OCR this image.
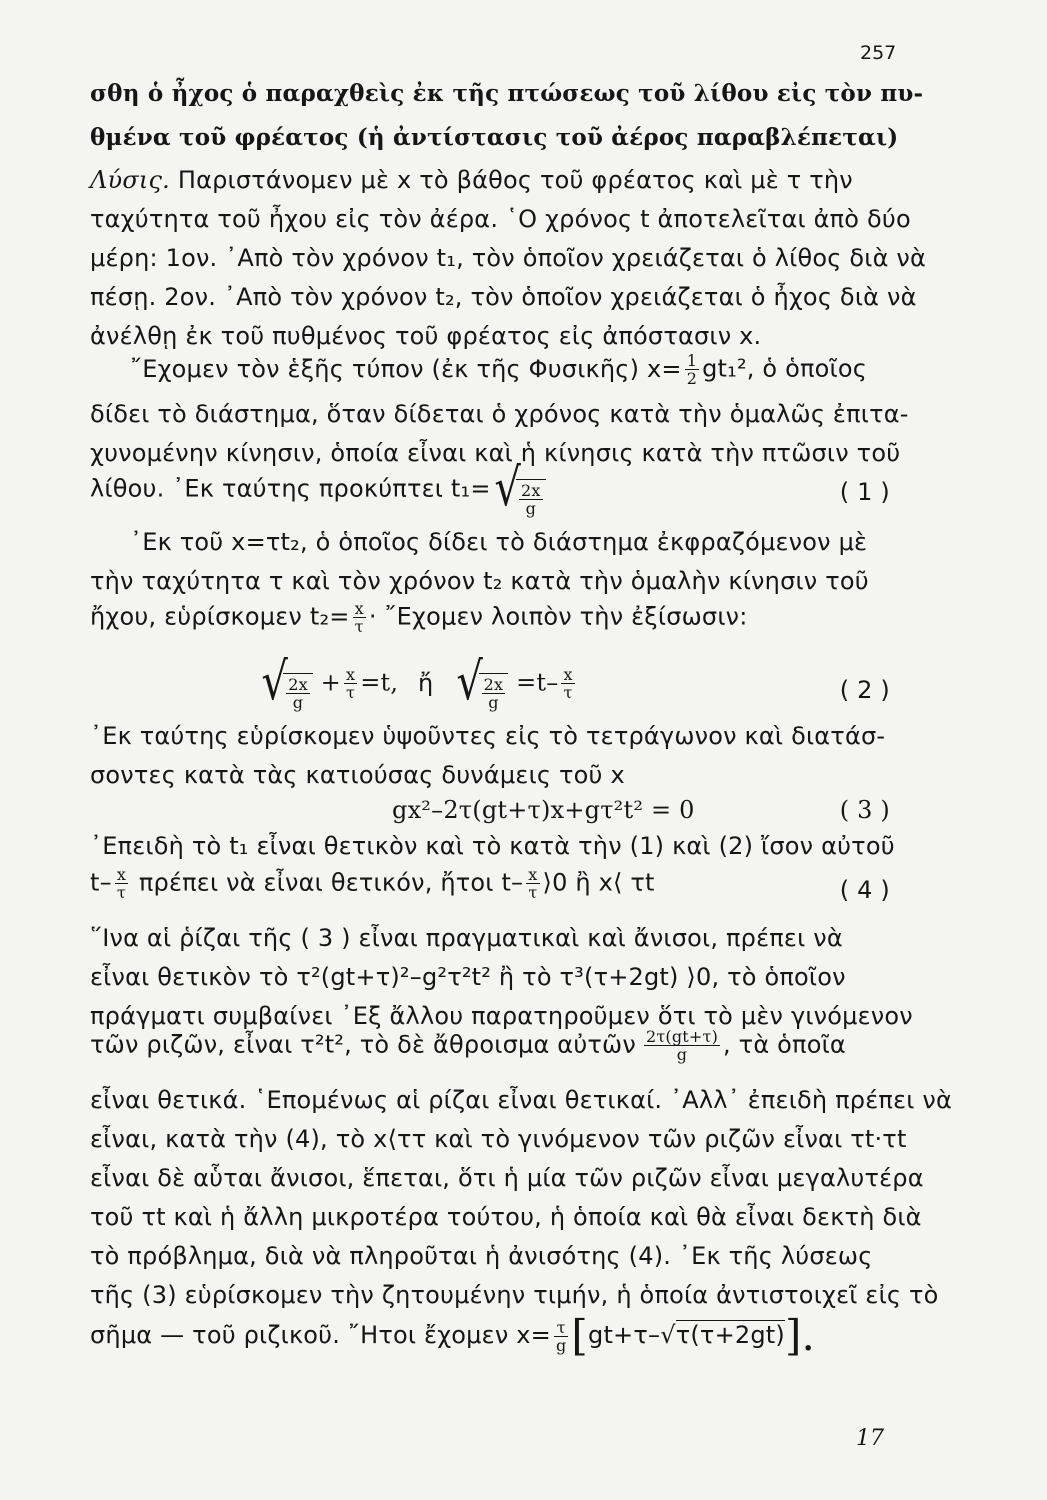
257
σθη ὁ ἦχος ὁ παραχθεὶς ἐκ τῆς πτώσεως τοῦ λίθου εἰς τὸν πυ-
θμένα τοῦ φρέατος (ἡ ἀντίστασις τοῦ ἀέρος παραβλέπεται)
Λύσις. Παριστάνομεν μὲ x τὸ βάθος τοῦ φρέατος καὶ μὲ τ τὴν
ταχύτητα τοῦ ἦχου εἰς τὸν ἀέρα. ῾Ο χρόνος t ἀποτελεῖται ἀπὸ δύο
μέρη: 1ον. ᾿Απὸ τὸν χρόνον t₁, τὸν ὁποῖον χρειάζεται ὁ λίθος διὰ νὰ
πέσῃ. 2ον. ᾿Απὸ τὸν χρόνον t₂, τὸν ὁποῖον χρειάζεται ὁ ἦχος διὰ νὰ
ἀνέλθῃ ἐκ τοῦ πυθμένος τοῦ φρέατος εἰς ἀπόστασιν x.
῎Εχομεν τὸν ἑξῆς τύπον (ἐκ τῆς Φυσικῆς) $x= \frac{1}{2} gt_1^2$, ὁ ὁποῖος
δίδει τὸ διάστημα, ὅταν δίδεται ὁ χρόνος κατὰ τὴν ὁμαλῶς ἐπιτα-
χυνομένην κίνησιν, ὁποία εἶναι καὶ ἡ κίνησις κατὰ τὴν πτῶσιν τοῦ
λίθου. ᾿Εκ ταύτης προκύπτει t₁=√
$\frac{2x}{g}$	( 1 )
᾿Εκ τοῦ x=τt₂, ὁ ὁποῖος δίδει τὸ διάστημα ἐκφραζόμενον μὲ
τὴν ταχύτητα τ καὶ τὸν χρόνον t₂ κατὰ τὴν ὁμαλὴν κίνησιν τοῦ
ἤχου, εὑρίσκομεν $t_2= \frac{x}{\tau}$ · ῎Εχομεν λοιπὸν τὴν ἐξίσωσιν:
√
$\frac{2x}{g} + \frac{x}{\tau} =t$, ἤ √
$\frac{2x}{g} =t- \frac{x}{\tau}$	( 2 )
᾿Εκ ταύτης εὑρίσκομεν ὑψοῦντες εἰς τὸ τετράγωνον καὶ διατάσ-
σοντες κατὰ τὰς κατιούσας δυνάμεις τοῦ x
gx²–2τ(gt+τ)x+gτ²t² = 0	( 3 )
᾿Επειδὴ τὸ t₁ εἶναι θετικὸν καὶ τὸ κατὰ τὴν (1) καὶ (2) ἴσον αὐτοῦ
$t- \frac{x}{\tau}$ πρέπει νὰ εἶναι θετικόν, ἤτοι $t- \frac{x}{\tau}$ ⟩0 ἢ x⟨ τt	( 4 )
῞Ινα αἱ ῥίζαι τῆς ( 3 ) εἶναι πραγματικαὶ καὶ ἄνισοι, πρέπει νὰ
εἶναι θετικὸν τὸ τ²(gt+τ)²–g²τ²t² ἢ τὸ τ³(τ+2gt) ⟩0, τὸ ὁποῖον
πράγματι συμβαίνει ᾿Εξ ἄλλου παρατηροῦμεν ὅτι τὸ μὲν γινόμενον
τῶν ριζῶν, εἶναι τ²t², τὸ δὲ ἄθροισμα αὐτῶν $\frac{2\tau(gt+\tau)}{g}$ , τὰ ὁποῖα
εἶναι θετικά. ῾Επομένως αἱ ρίζαι εἶναι θετικαί. ᾿Αλλ᾿ ἐπειδὴ πρέπει νὰ
εἶναι, κατὰ τὴν (4), τὸ x⟨ττ καὶ τὸ γινόμενον τῶν ριζῶν εἶναι τt·τt
εἶναι δὲ αὗται ἄνισοι, ἕπεται, ὅτι ἡ μία τῶν ριζῶν εἶναι μεγαλυτέρα
τοῦ τt καὶ ἡ ἄλλη μικροτέρα τούτου, ἡ ὁποία καὶ θὰ εἶναι δεκτὴ διὰ
τὸ πρόβλημα, διὰ νὰ πληροῦται ἡ ἀνισότης (4). ᾿Εκ τῆς λύσεως
τῆς (3) εὑρίσκομεν τὴν ζητουμένην τιμήν, ἡ ὁποία ἀντιστοιχεῖ εἰς τὸ
σῆμα — τοῦ ριζικοῦ. ῎Ητοι ἔχομεν $x= \frac{\tau}{g} [gt+\tau-√\tau(\tau+2gt)]$.
17
